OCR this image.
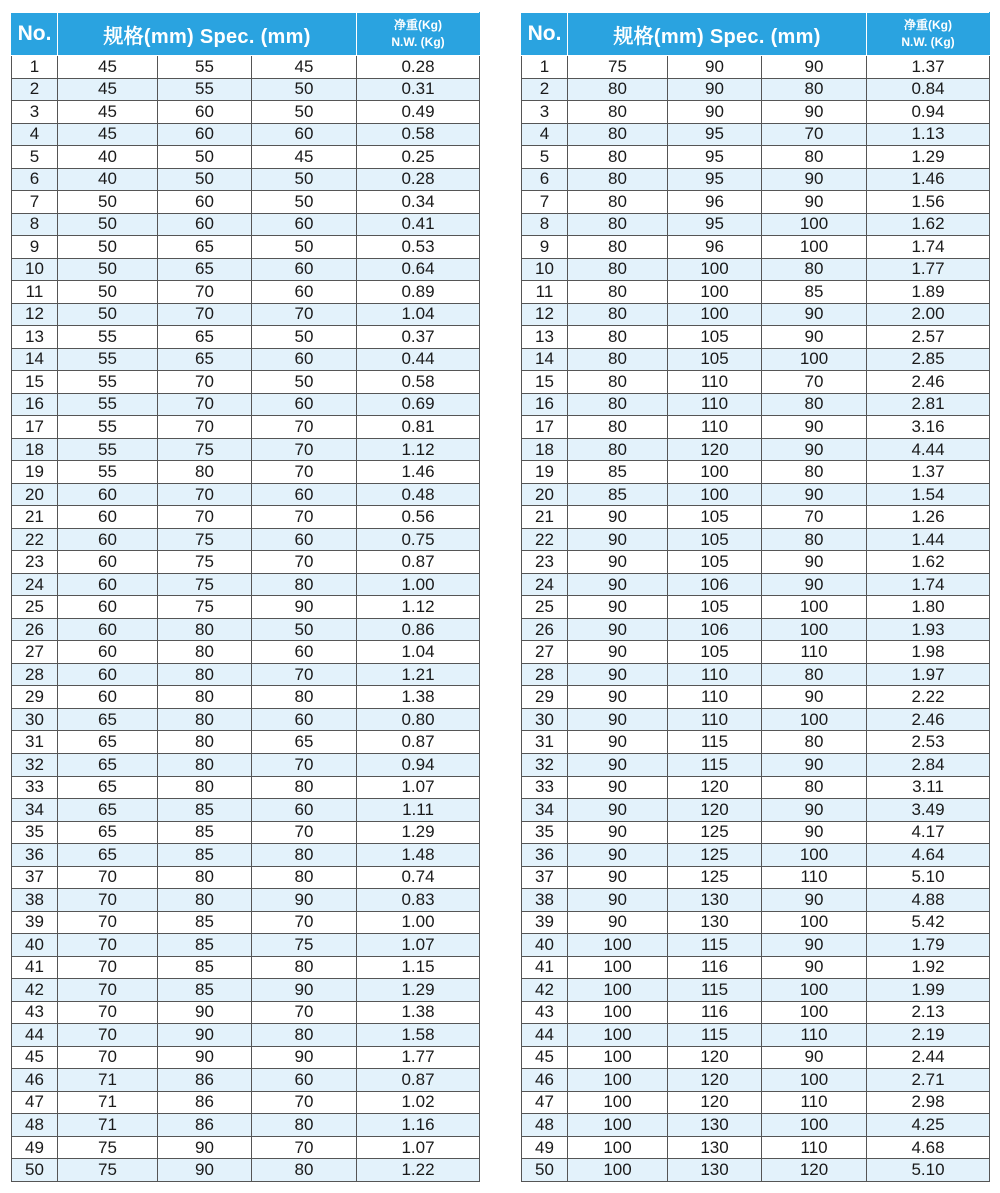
No.	规格(mm) Spec. (mm)			净重(Kg)
N.W. (Kg)

1	45	55	45	0.28
2	45	55	50	0.31
3	45	60	50	0.49
4	45	60	60	0.58
5	40	50	45	0.25
6	40	50	50	0.28
7	50	60	50	0.34
8	50	60	60	0.41
9	50	65	50	0.53
10	50	65	60	0.64
11	50	70	60	0.89
12	50	70	70	1.04
13	55	65	50	0.37
14	55	65	60	0.44
15	55	70	50	0.58
16	55	70	60	0.69
17	55	70	70	0.81
18	55	75	70	1.12
19	55	80	70	1.46
20	60	70	60	0.48
21	60	70	70	0.56
22	60	75	60	0.75
23	60	75	70	0.87
24	60	75	80	1.00
25	60	75	90	1.12
26	60	80	50	0.86
27	60	80	60	1.04
28	60	80	70	1.21
29	60	80	80	1.38
30	65	80	60	0.80
31	65	80	65	0.87
32	65	80	70	0.94
33	65	80	80	1.07
34	65	85	60	1.11
35	65	85	70	1.29
36	65	85	80	1.48
37	70	80	80	0.74
38	70	80	90	0.83
39	70	85	70	1.00
40	70	85	75	1.07
41	70	85	80	1.15
42	70	85	90	1.29
43	70	90	70	1.38
44	70	90	80	1.58
45	70	90	90	1.77
46	71	86	60	0.87
47	71	86	70	1.02
48	71	86	80	1.16
49	75	90	70	1.07
50	75	90	80	1.22
No.	规格(mm) Spec. (mm)			净重(Kg)
N.W. (Kg)

1	75	90	90	1.37
2	80	90	80	0.84
3	80	90	90	0.94
4	80	95	70	1.13
5	80	95	80	1.29
6	80	95	90	1.46
7	80	96	90	1.56
8	80	95	100	1.62
9	80	96	100	1.74
10	80	100	80	1.77
11	80	100	85	1.89
12	80	100	90	2.00
13	80	105	90	2.57
14	80	105	100	2.85
15	80	110	70	2.46
16	80	110	80	2.81
17	80	110	90	3.16
18	80	120	90	4.44
19	85	100	80	1.37
20	85	100	90	1.54
21	90	105	70	1.26
22	90	105	80	1.44
23	90	105	90	1.62
24	90	106	90	1.74
25	90	105	100	1.80
26	90	106	100	1.93
27	90	105	110	1.98
28	90	110	80	1.97
29	90	110	90	2.22
30	90	110	100	2.46
31	90	115	80	2.53
32	90	115	90	2.84
33	90	120	80	3.11
34	90	120	90	3.49
35	90	125	90	4.17
36	90	125	100	4.64
37	90	125	110	5.10
38	90	130	90	4.88
39	90	130	100	5.42
40	100	115	90	1.79
41	100	116	90	1.92
42	100	115	100	1.99
43	100	116	100	2.13
44	100	115	110	2.19
45	100	120	90	2.44
46	100	120	100	2.71
47	100	120	110	2.98
48	100	130	100	4.25
49	100	130	110	4.68
50	100	130	120	5.10
